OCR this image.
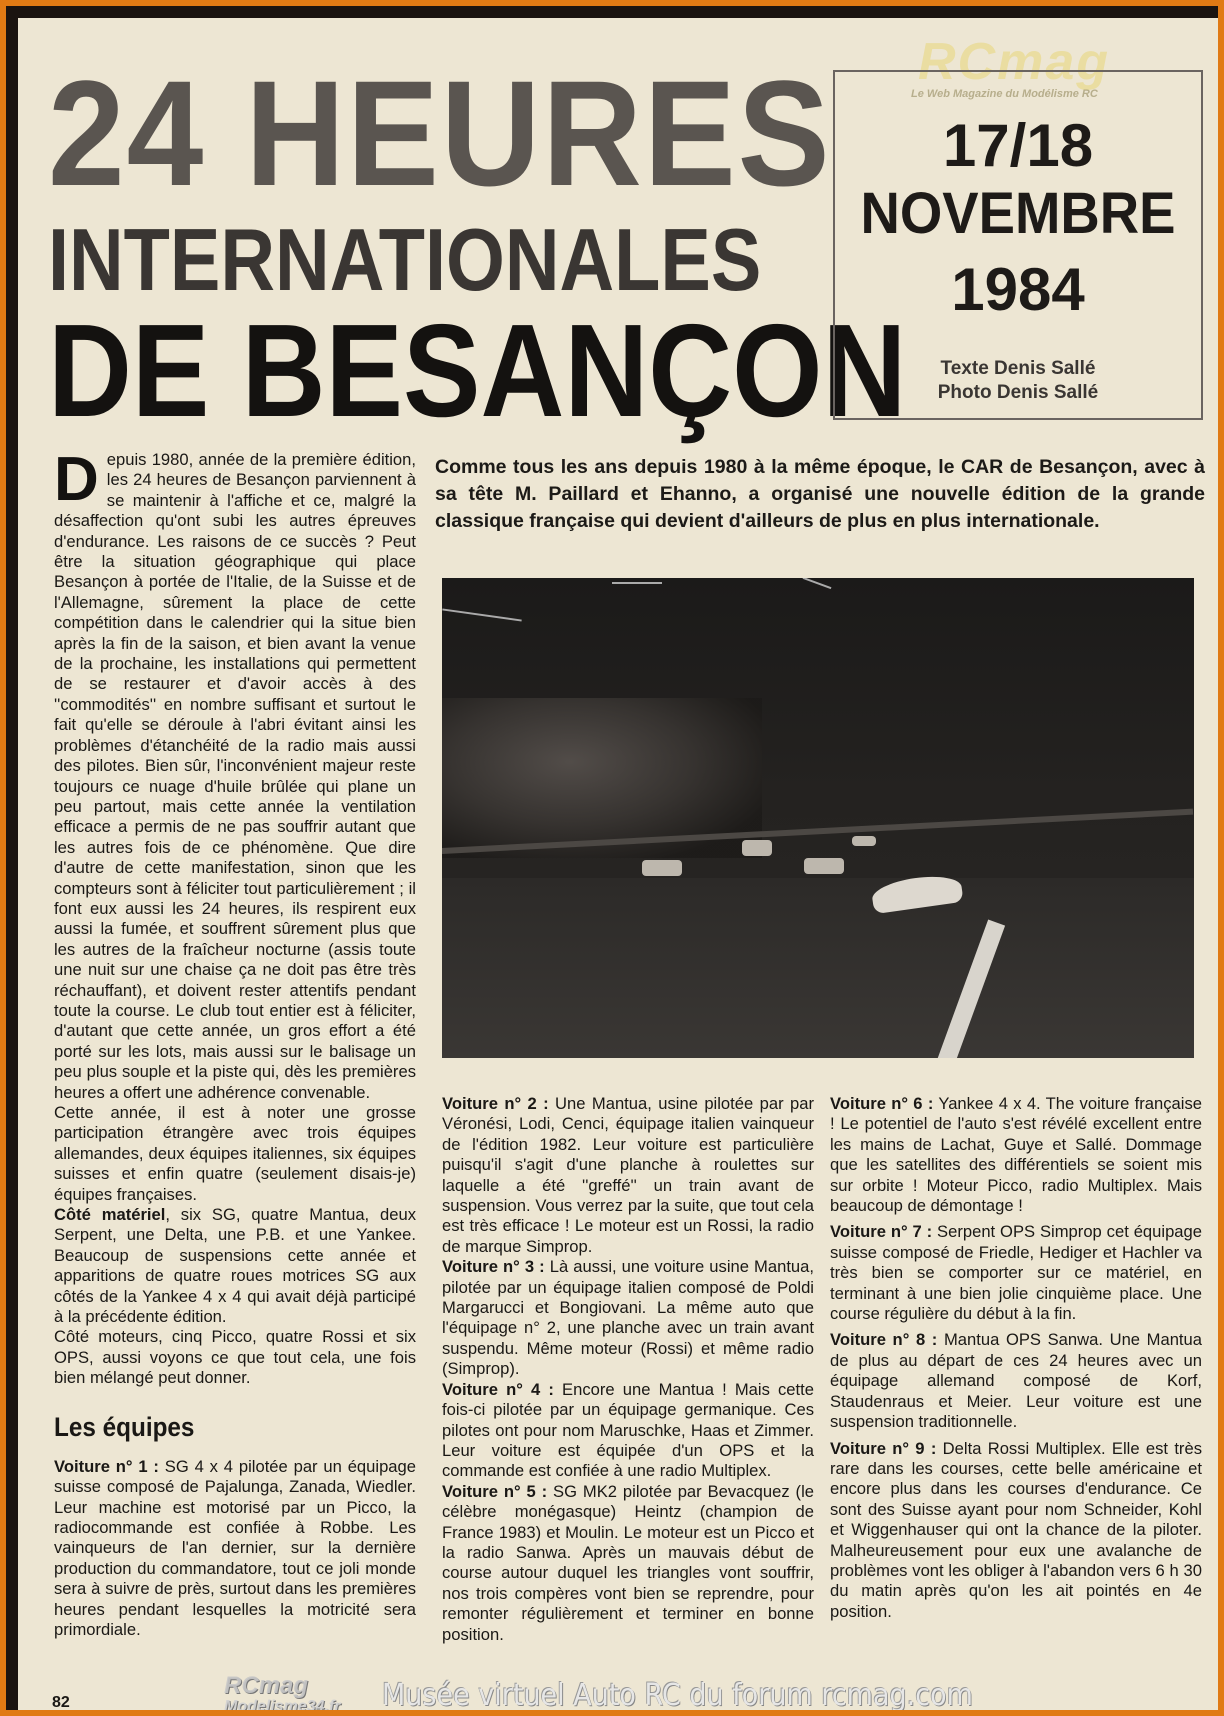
RCmag
Le Web Magazine du Modélisme RC
24 HEURES
INTERNATIONALES
DE BESANÇON
17/18
NOVEMBRE
1984
Texte Denis Sallé
Photo Denis Sallé
Comme tous les ans depuis 1980 à la même époque, le CAR de Besançon, avec à sa tête M. Paillard et Ehanno, a organisé une nouvelle édition de la grande classique française qui devient d'ailleurs de plus en plus internationale.

Depuis 1980, année de la première édition, les 24 heures de Besançon parviennent à se maintenir à l'affiche et ce, malgré la désaffection qu'ont subi les autres épreuves d'endurance. Les raisons de ce succès ? Peut être la situation géographique qui place Besançon à portée de l'Italie, de la Suisse et de l'Allemagne, sûrement la place de cette compétition dans le calendrier qui la situe bien après la fin de la saison, et bien avant la venue de la prochaine, les installations qui permettent de se restaurer et d'avoir accès à des ''commodités'' en nombre suffisant et surtout le fait qu'elle se déroule à l'abri évitant ainsi les problèmes d'étanchéité de la radio mais aussi des pilotes. Bien sûr, l'inconvénient majeur reste toujours ce nuage d'huile brûlée qui plane un peu partout, mais cette année la ventilation efficace a permis de ne pas souffrir autant que les autres fois de ce phénomène. Que dire d'autre de cette manifestation, sinon que les compteurs sont à féliciter tout particulièrement ; il font eux aussi les 24 heures, ils respirent eux aussi la fumée, et souffrent sûrement plus que les autres de la fraîcheur nocturne (assis toute une nuit sur une chaise ça ne doit pas être très réchauffant), et doivent rester attentifs pendant toute la course. Le club tout entier est à féliciter, d'autant que cette année, un gros effort a été porté sur les lots, mais aussi sur le balisage un peu plus souple et la piste qui, dès les premières heures a offert une adhérence convenable.

Cette année, il est à noter une grosse participation étrangère avec trois équipes allemandes, deux équipes italiennes, six équipes suisses et enfin quatre (seulement disais-je) équipes françaises.

Côté matériel, six SG, quatre Mantua, deux Serpent, une Delta, une P.B. et une Yankee. Beaucoup de suspensions cette année et apparitions de quatre roues motrices SG aux côtés de la Yankee 4 x 4 qui avait déjà participé à la précédente édition.

Côté moteurs, cinq Picco, quatre Rossi et six OPS, aussi voyons ce que tout cela, une fois bien mélangé peut donner.

Les équipes

Voiture n° 1 : SG 4 x 4 pilotée par un équipage suisse composé de Pajalunga, Zanada, Wiedler. Leur machine est motorisé par un Picco, la radiocommande est confiée à Robbe. Les vainqueurs de l'an dernier, sur la dernière production du commandatore, tout ce joli monde sera à suivre de près, surtout dans les premières heures pendant lesquelles la motricité sera primordiale.

Voiture n° 2 : Une Mantua, usine pilotée par par Véronési, Lodi, Cenci, équipage italien vainqueur de l'édition 1982. Leur voiture est particulière puisqu'il s'agit d'une planche à roulettes sur laquelle a été ''greffé'' un train avant de suspension. Vous verrez par la suite, que tout cela est très efficace ! Le moteur est un Rossi, la radio de marque Simprop.

Voiture n° 3 : Là aussi, une voiture usine Mantua, pilotée par un équipage italien composé de Poldi Margarucci et Bongiovani. La même auto que l'équipage n° 2, une planche avec un train avant suspendu. Même moteur (Rossi) et même radio (Simprop).

Voiture n° 4 : Encore une Mantua ! Mais cette fois-ci pilotée par un équipage germanique. Ces pilotes ont pour nom Maruschke, Haas et Zimmer. Leur voiture est équipée d'un OPS et la commande est confiée à une radio Multiplex.

Voiture n° 5 : SG MK2 pilotée par Bevacquez (le célèbre monégasque) Heintz (champion de France 1983) et Moulin. Le moteur est un Picco et la radio Sanwa. Après un mauvais début de course autour duquel les triangles vont souffrir, nos trois compères vont bien se reprendre, pour remonter régulièrement et terminer en bonne position.

Voiture n° 6 : Yankee 4 x 4. The voiture française ! Le potentiel de l'auto s'est révélé excellent entre les mains de Lachat, Guye et Sallé. Dommage que les satellites des différentiels se soient mis sur orbite ! Moteur Picco, radio Multiplex. Mais beaucoup de démontage !

Voiture n° 7 : Serpent OPS Simprop cet équipage suisse composé de Friedle, Hediger et Hachler va très bien se comporter sur ce matériel, en terminant à une bien jolie cinquième place. Une course régulière du début à la fin.

Voiture n° 8 : Mantua OPS Sanwa. Une Mantua de plus au départ de ces 24 heures avec un équipage allemand composé de Korf, Staudenraus et Meier. Leur voiture est une suspension traditionnelle.

Voiture n° 9 : Delta Rossi Multiplex. Elle est très rare dans les courses, cette belle américaine et encore plus dans les courses d'endurance. Ce sont des Suisse ayant pour nom Schneider, Kohl et Wiggenhauser qui ont la chance de la piloter. Malheureusement pour eux une avalanche de problèmes vont les obliger à l'abandon vers 6 h 30 du matin après qu'on les ait pointés en 4e position.

82
RCmag
Modelisme34.fr Musée virtuel Auto RC du forum rcmag.com
